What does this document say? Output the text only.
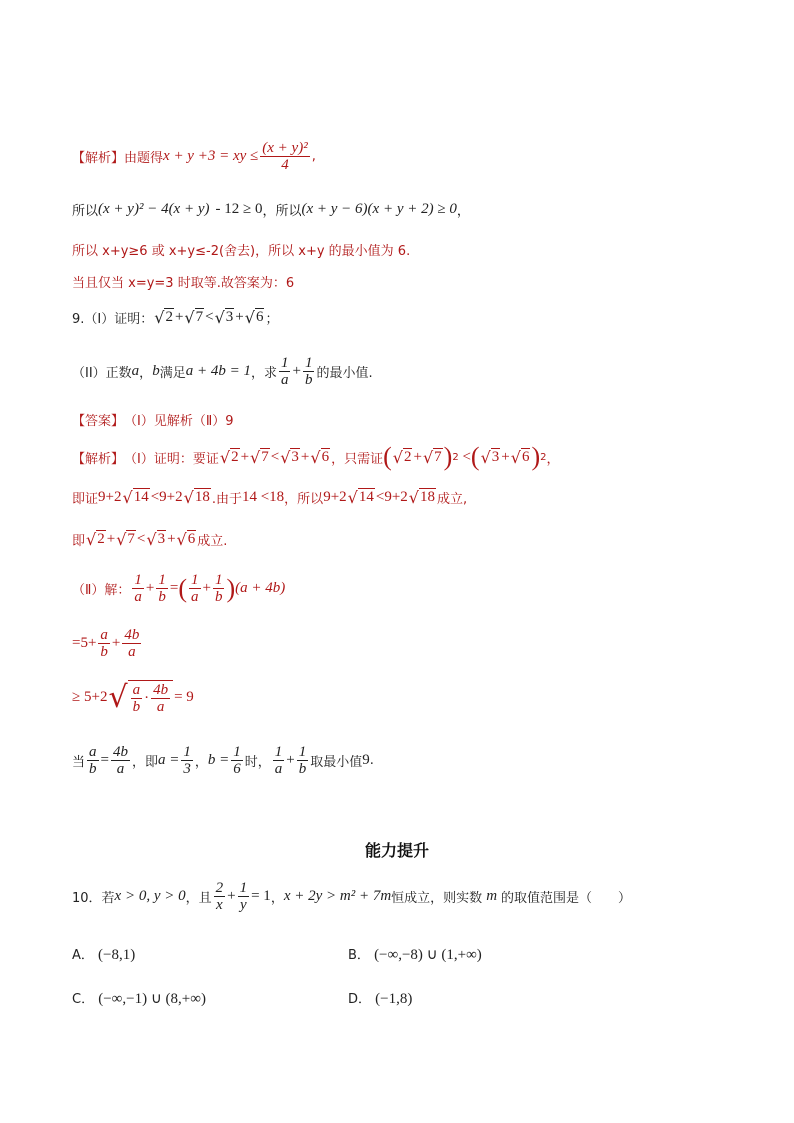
【解析】 由题得 x + y +3 = xy ≤ $\frac{\text{(x + y)²}}{4}$ ,
所以 (x + y)² − 4(x + y) - 12 ≥ 0 ，所以 (x + y − 6)(x + y + 2) ≥ 0 ，
所以 x+y≥6 或 x+y≤-2(舍去)，所以 x+y 的最小值为 6.
当且仅当 x=y=3 时取等.故答案为：6
9.（I）证明： √ 2 + √ 7 < √ 3 + √ 6 ；
（II）正数 a ， b 满足 a + 4b = 1 ，求 $\frac{1}{a} + \frac{1}{b}$ 的最小值.
【答案】 （Ⅰ）见解析（Ⅱ）9
【解析】 （Ⅰ）证明：要证 √ 2 + √ 7 < √ 3 + √ 6 ，只需证 ( √ 2 + √ 7 ) 2 < ( √ 3 + √ 6 ) 2 ，
即证 9+2 √ 14 <9+2 √ 18 .由于 14 <18 ，所以 9+2 √ 14 <9+2 √ 18 成立,
即 √ 2 + √ 7 < √ 3 + √ 6 成立.
（Ⅱ）解： $\frac{1}{a} + \frac{1}{b}$ = ( $\frac{1}{a} + \frac{1}{b}$ ) (a + 4b)
$=5+ \frac{a}{b} + \frac{4b}{a}$
≥ 5+2 √ $\frac{a}{b} \cdot \frac{4b}{a} = 9$
当 $\frac{a}{b} = \frac{4b}{a}$ ，即 $a = \frac{1}{3}$ ， $b = \frac{1}{6}$ 时， $\frac{1}{a} + \frac{1}{b}$ 取最小值 9 .
能力提升
10．若 x > 0, y > 0 ，且 $\frac{2}{x} + \frac{1}{y} = 1$ ， x + 2y > m² + 7m 恒成立，则实数 m 的取值范围是（　　）
A． (−8,1)	B． (−∞,−8) ∪ (1,+∞)
C． (−∞,−1) ∪ (8,+∞)	D． (−1,8)
